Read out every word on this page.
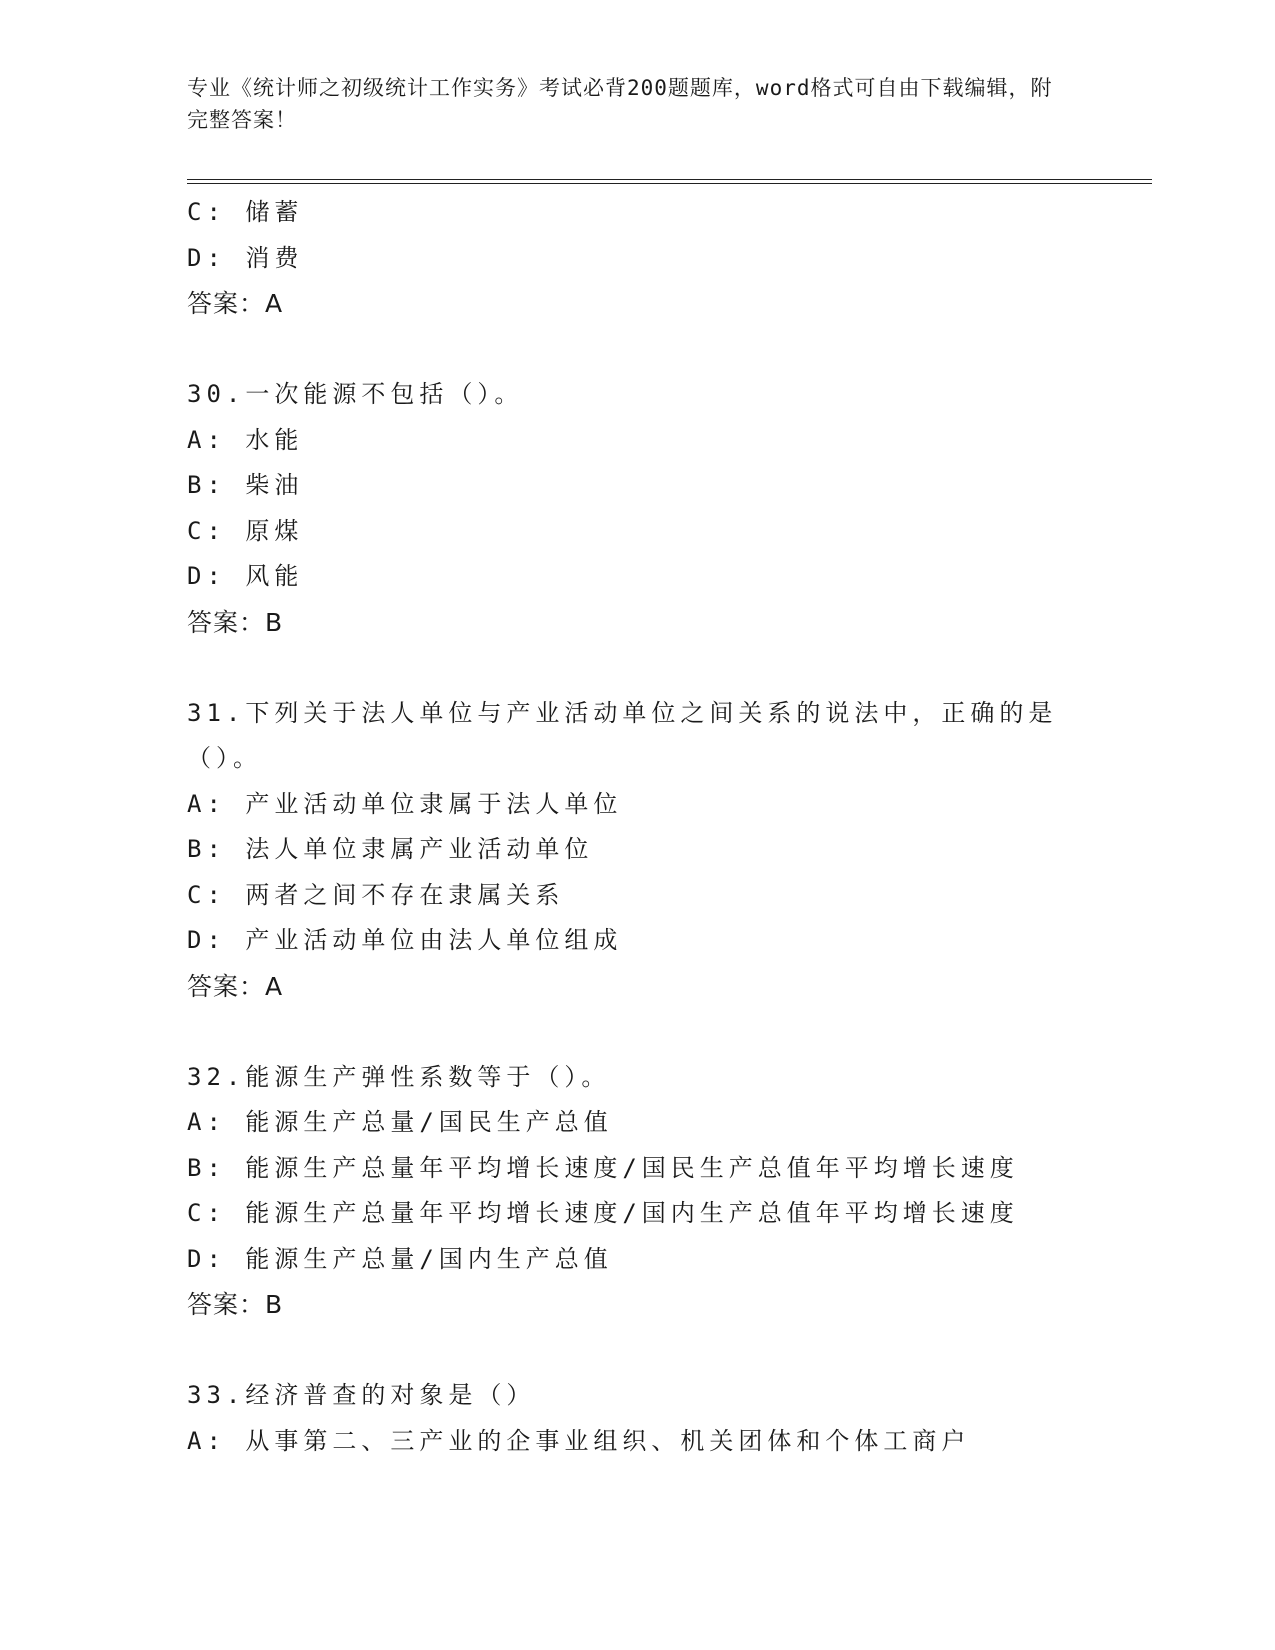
专业《统计师之初级统计工作实务》考试必背200题题库，word格式可自由下载编辑，附完整答案！
C: 储蓄
D: 消费
答案：A
30.一次能源不包括（）。
A: 水能
B: 柴油
C: 原煤
D: 风能
答案：B
31.下列关于法人单位与产业活动单位之间关系的说法中，正确的是（）。
A: 产业活动单位隶属于法人单位
B: 法人单位隶属产业活动单位
C: 两者之间不存在隶属关系
D: 产业活动单位由法人单位组成
答案：A
32.能源生产弹性系数等于（）。
A: 能源生产总量/国民生产总值
B: 能源生产总量年平均增长速度/国民生产总值年平均增长速度
C: 能源生产总量年平均增长速度/国内生产总值年平均增长速度
D: 能源生产总量/国内生产总值
答案：B
33.经济普查的对象是（）
A: 从事第二、三产业的企事业组织、机关团体和个体工商户
